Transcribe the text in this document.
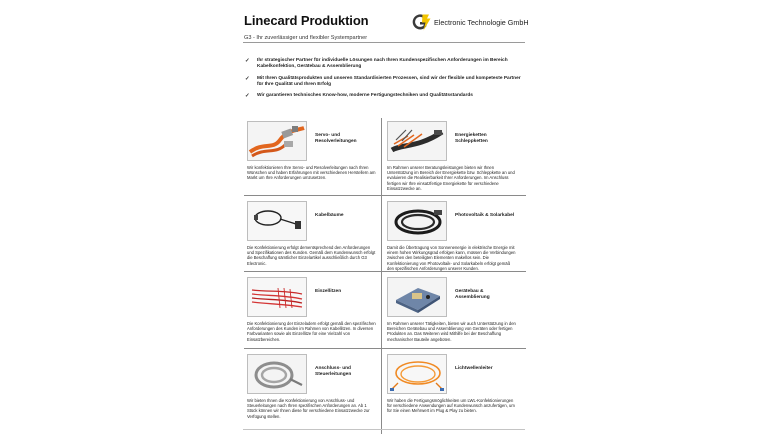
Linecard Produktion	Electronic Technologie GmbH
G3 - Ihr zuverlässiger und flexibler Systempartner
✓ Ihr strategischer Partner für individuelle Lösungen nach Ihren Kundenspezifischen Anforderungen im Bereich Kabelkonfektion, Gerätebau & Assemblierung
✓ Mit Ihren Qualitätsprodukten und unseren Standardisierten Prozessen, sind wir der flexible und kompeteste Partner für Ihre Qualität und Ihren Erfolg
✓ Wir garantieren technisches Know-how, moderne Fertigungstechniken und Qualitätsstandards
Servo- und Resolverleitungen
Wir konfektionieren Ihre Servo- und Resolverleitungen nach Ihren Wünschen und haben Erfahrungen mit verschiedenen Herstellern am Markt um Ihre Anforderungen umzusetzen.
Energieketten Schleppketten
Im Rahmen unserer Beratungsleistungen bieten wir Ihnen Unterstützung im Bereich der Energiekette bzw. Schleppkette an und evaluieren die Realisierbarkeit Ihrer Anforderungen. Im Anschluss fertigen wir Ihre einsatzfertige Energiekette für verschiedene Einsatzzwecke an.
Kabelbäume
Die Konfektionierung erfolgt dementsprechend den Anforderungen und Spezifikationen des Kunden. Gemäß dem Kundenwunsch erfolgt die Beschaffung sämtlicher Einzelartikel ausschließlich durch G3 Electronic.
Photovoltaik & Solarkabel
Damit die Übertragung von Sonnenenergie in elektrische Energie mit einem hohen Wirkungsgrad erfolgen kann, müssen die Verbindungen zwischen den beteiligten Elementen makellos sein. Die Konfektionierung von Photovoltaik- und Solarkabeln erfolgt gemäß den spezifischen Anforderungen unserer Kunden.
Einzellitzen
Die Konfektionierung der Einzeladern erfolgt gemäß den spezifischen Anforderungen des Kunden im Rahmen von Kabellitzen. In diversen Farbvarianten sowie als Einzellitze für eine Vielzahl von Einsatzbereichen.
Gerätebau & Assemblierung
Im Rahmen unserer Tätigkeiten, bieten wir auch Unterstützung in den Bereichen Gerätebau und Assemblierung von Geräten oder fertigen Produkten an. Das Weiteren wird Mithilfe bei der Beschaffung mechanischer Bauteile angeboten.
Anschluss- und Steuerleitungen
Wir bieten Ihnen die Konfektionierung von Anschluss- und Steuerleitungen nach Ihren spezifischen Anforderungen an. Ab 1 Stück können wir Ihnen diese für verschiedene Einsatzzwecke zur Verfügung stellen.
Lichtwellenleiter
Wir haben die Fertigungsmöglichkeiten um LWL-Konfektionierungen für verschiedene Anwendungen auf Kundenwunsch anzufertigen, um für Sie einen Mehrwert im Plug & Play zu bieten.
